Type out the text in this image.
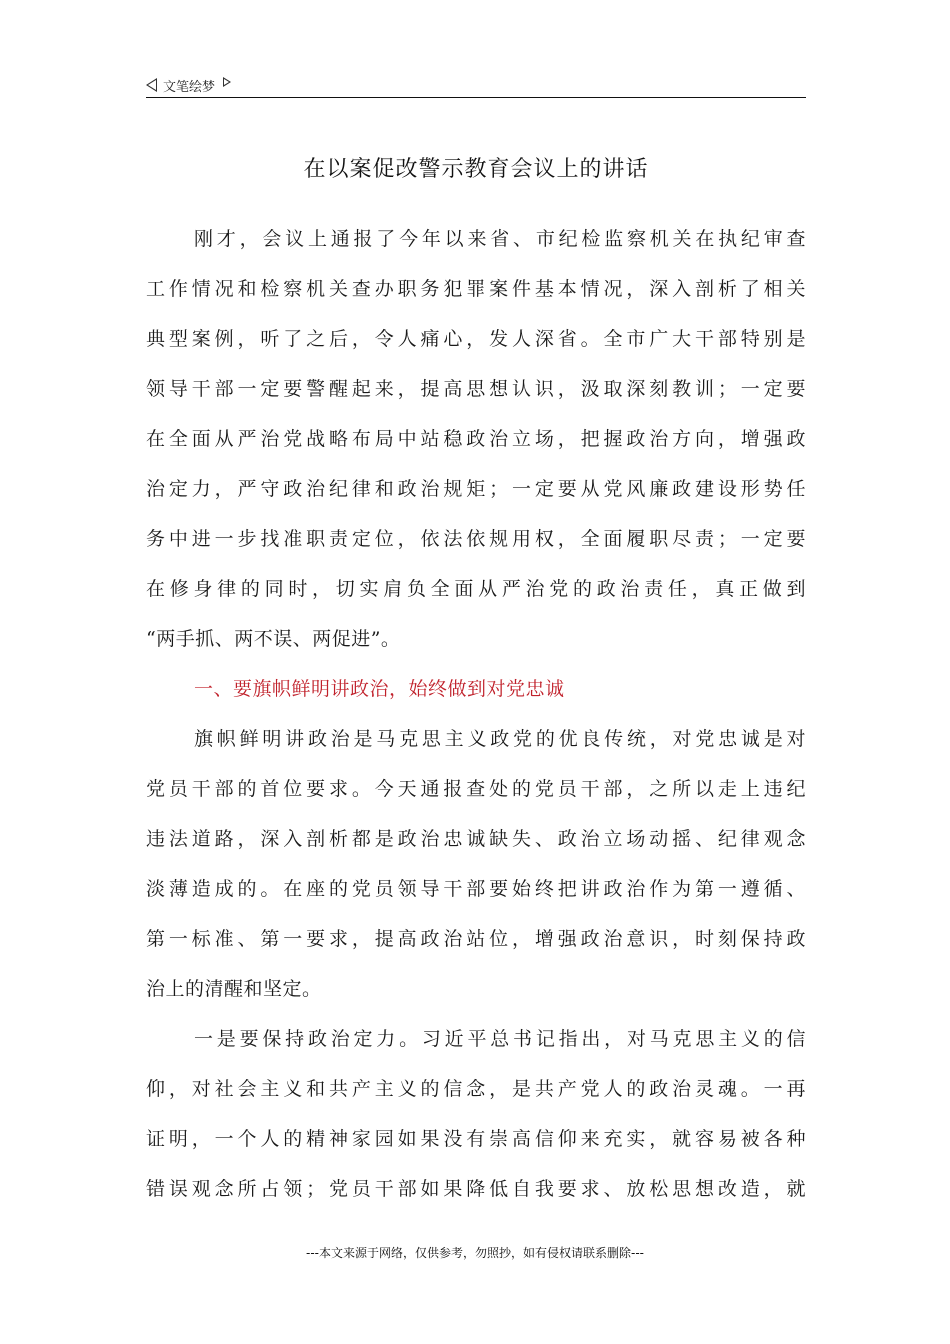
文笔绘梦
在以案促改警示教育会议上的讲话
刚才，会议上通报了今年以来省、市纪检监察机关在执纪审查
工作情况和检察机关查办职务犯罪案件基本情况，深入剖析了相关
典型案例，听了之后，令人痛心，发人深省。全市广大干部特别是
领导干部一定要警醒起来，提高思想认识，汲取深刻教训；一定要
在全面从严治党战略布局中站稳政治立场，把握政治方向，增强政
治定力，严守政治纪律和政治规矩；一定要从党风廉政建设形势任
务中进一步找准职责定位，依法依规用权，全面履职尽责；一定要
在修身律的同时，切实肩负全面从严治党的政治责任，真正做到
“两手抓、两不误、两促进”。
一、要旗帜鲜明讲政治，始终做到对党忠诚
旗帜鲜明讲政治是马克思主义政党的优良传统，对党忠诚是对
党员干部的首位要求。今天通报查处的党员干部，之所以走上违纪
违法道路，深入剖析都是政治忠诚缺失、政治立场动摇、纪律观念
淡薄造成的。在座的党员领导干部要始终把讲政治作为第一遵循、
第一标准、第一要求，提高政治站位，增强政治意识，时刻保持政
治上的清醒和坚定。
一是要保持政治定力。习近平总书记指出，对马克思主义的信
仰，对社会主义和共产主义的信念，是共产党人的政治灵魂。一再
证明，一个人的精神家园如果没有崇高信仰来充实，就容易被各种
错误观念所占领；党员干部如果降低自我要求、放松思想改造，就
---本文来源于网络，仅供参考，勿照抄，如有侵权请联系删除---
